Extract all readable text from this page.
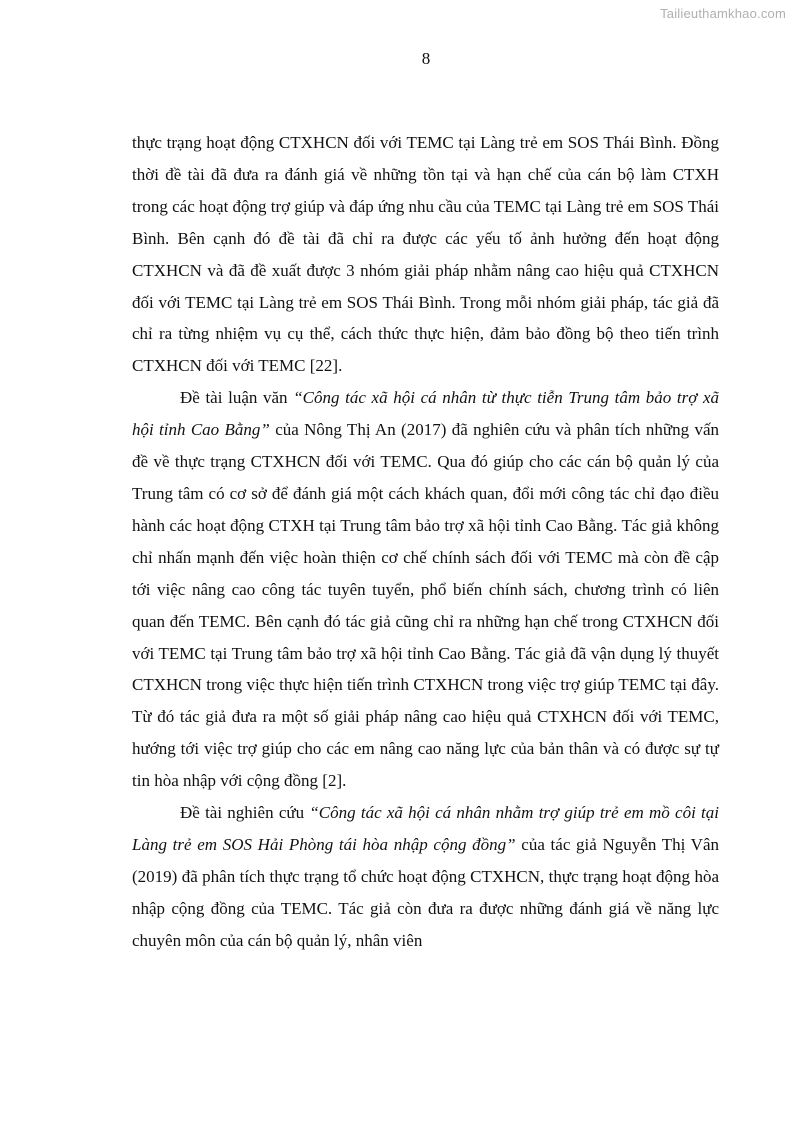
Tailieuthamkhao.com
8

thực trạng hoạt động CTXHCN đối với TEMC tại Làng trẻ em SOS Thái Bình. Đồng thời đề tài đã đưa ra đánh giá về những tồn tại và hạn chế của cán bộ làm CTXH trong các hoạt động trợ giúp và đáp ứng nhu cầu của TEMC tại Làng trẻ em SOS Thái Bình. Bên cạnh đó đề tài đã chỉ ra được các yếu tố ảnh hưởng đến hoạt động CTXHCN và đã đề xuất được 3 nhóm giải pháp nhằm nâng cao hiệu quả CTXHCN đối với TEMC tại Làng trẻ em SOS Thái Bình. Trong mỗi nhóm giải pháp, tác giả đã chỉ ra từng nhiệm vụ cụ thể, cách thức thực hiện, đảm bảo đồng bộ theo tiến trình CTXHCN đối với TEMC [22].

Đề tài luận văn “Công tác xã hội cá nhân từ thực tiễn Trung tâm bảo trợ xã hội tỉnh Cao Bằng” của Nông Thị An (2017) đã nghiên cứu và phân tích những vấn đề về thực trạng CTXHCN đối với TEMC. Qua đó giúp cho các cán bộ quản lý của Trung tâm có cơ sở để đánh giá một cách khách quan, đổi mới công tác chỉ đạo điều hành các hoạt động CTXH tại Trung tâm bảo trợ xã hội tỉnh Cao Bằng. Tác giả không chỉ nhấn mạnh đến việc hoàn thiện cơ chế chính sách đối với TEMC mà còn đề cập tới việc nâng cao công tác tuyên tuyển, phổ biến chính sách, chương trình có liên quan đến TEMC. Bên cạnh đó tác giả cũng chỉ ra những hạn chế trong CTXHCN đối với TEMC tại Trung tâm bảo trợ xã hội tỉnh Cao Bằng. Tác giả đã vận dụng lý thuyết CTXHCN trong việc thực hiện tiến trình CTXHCN trong việc trợ giúp TEMC tại đây. Từ đó tác giả đưa ra một số giải pháp nâng cao hiệu quả CTXHCN đối với TEMC, hướng tới việc trợ giúp cho các em nâng cao năng lực của bản thân và có được sự tự tin hòa nhập với cộng đồng [2].

Đề tài nghiên cứu “Công tác xã hội cá nhân nhằm trợ giúp trẻ em mồ côi tại Làng trẻ em SOS Hải Phòng tái hòa nhập cộng đồng” của tác giả Nguyễn Thị Vân (2019) đã phân tích thực trạng tổ chức hoạt động CTXHCN, thực trạng hoạt động hòa nhập cộng đồng của TEMC. Tác giả còn đưa ra được những đánh giá về năng lực chuyên môn của cán bộ quản lý, nhân viên
